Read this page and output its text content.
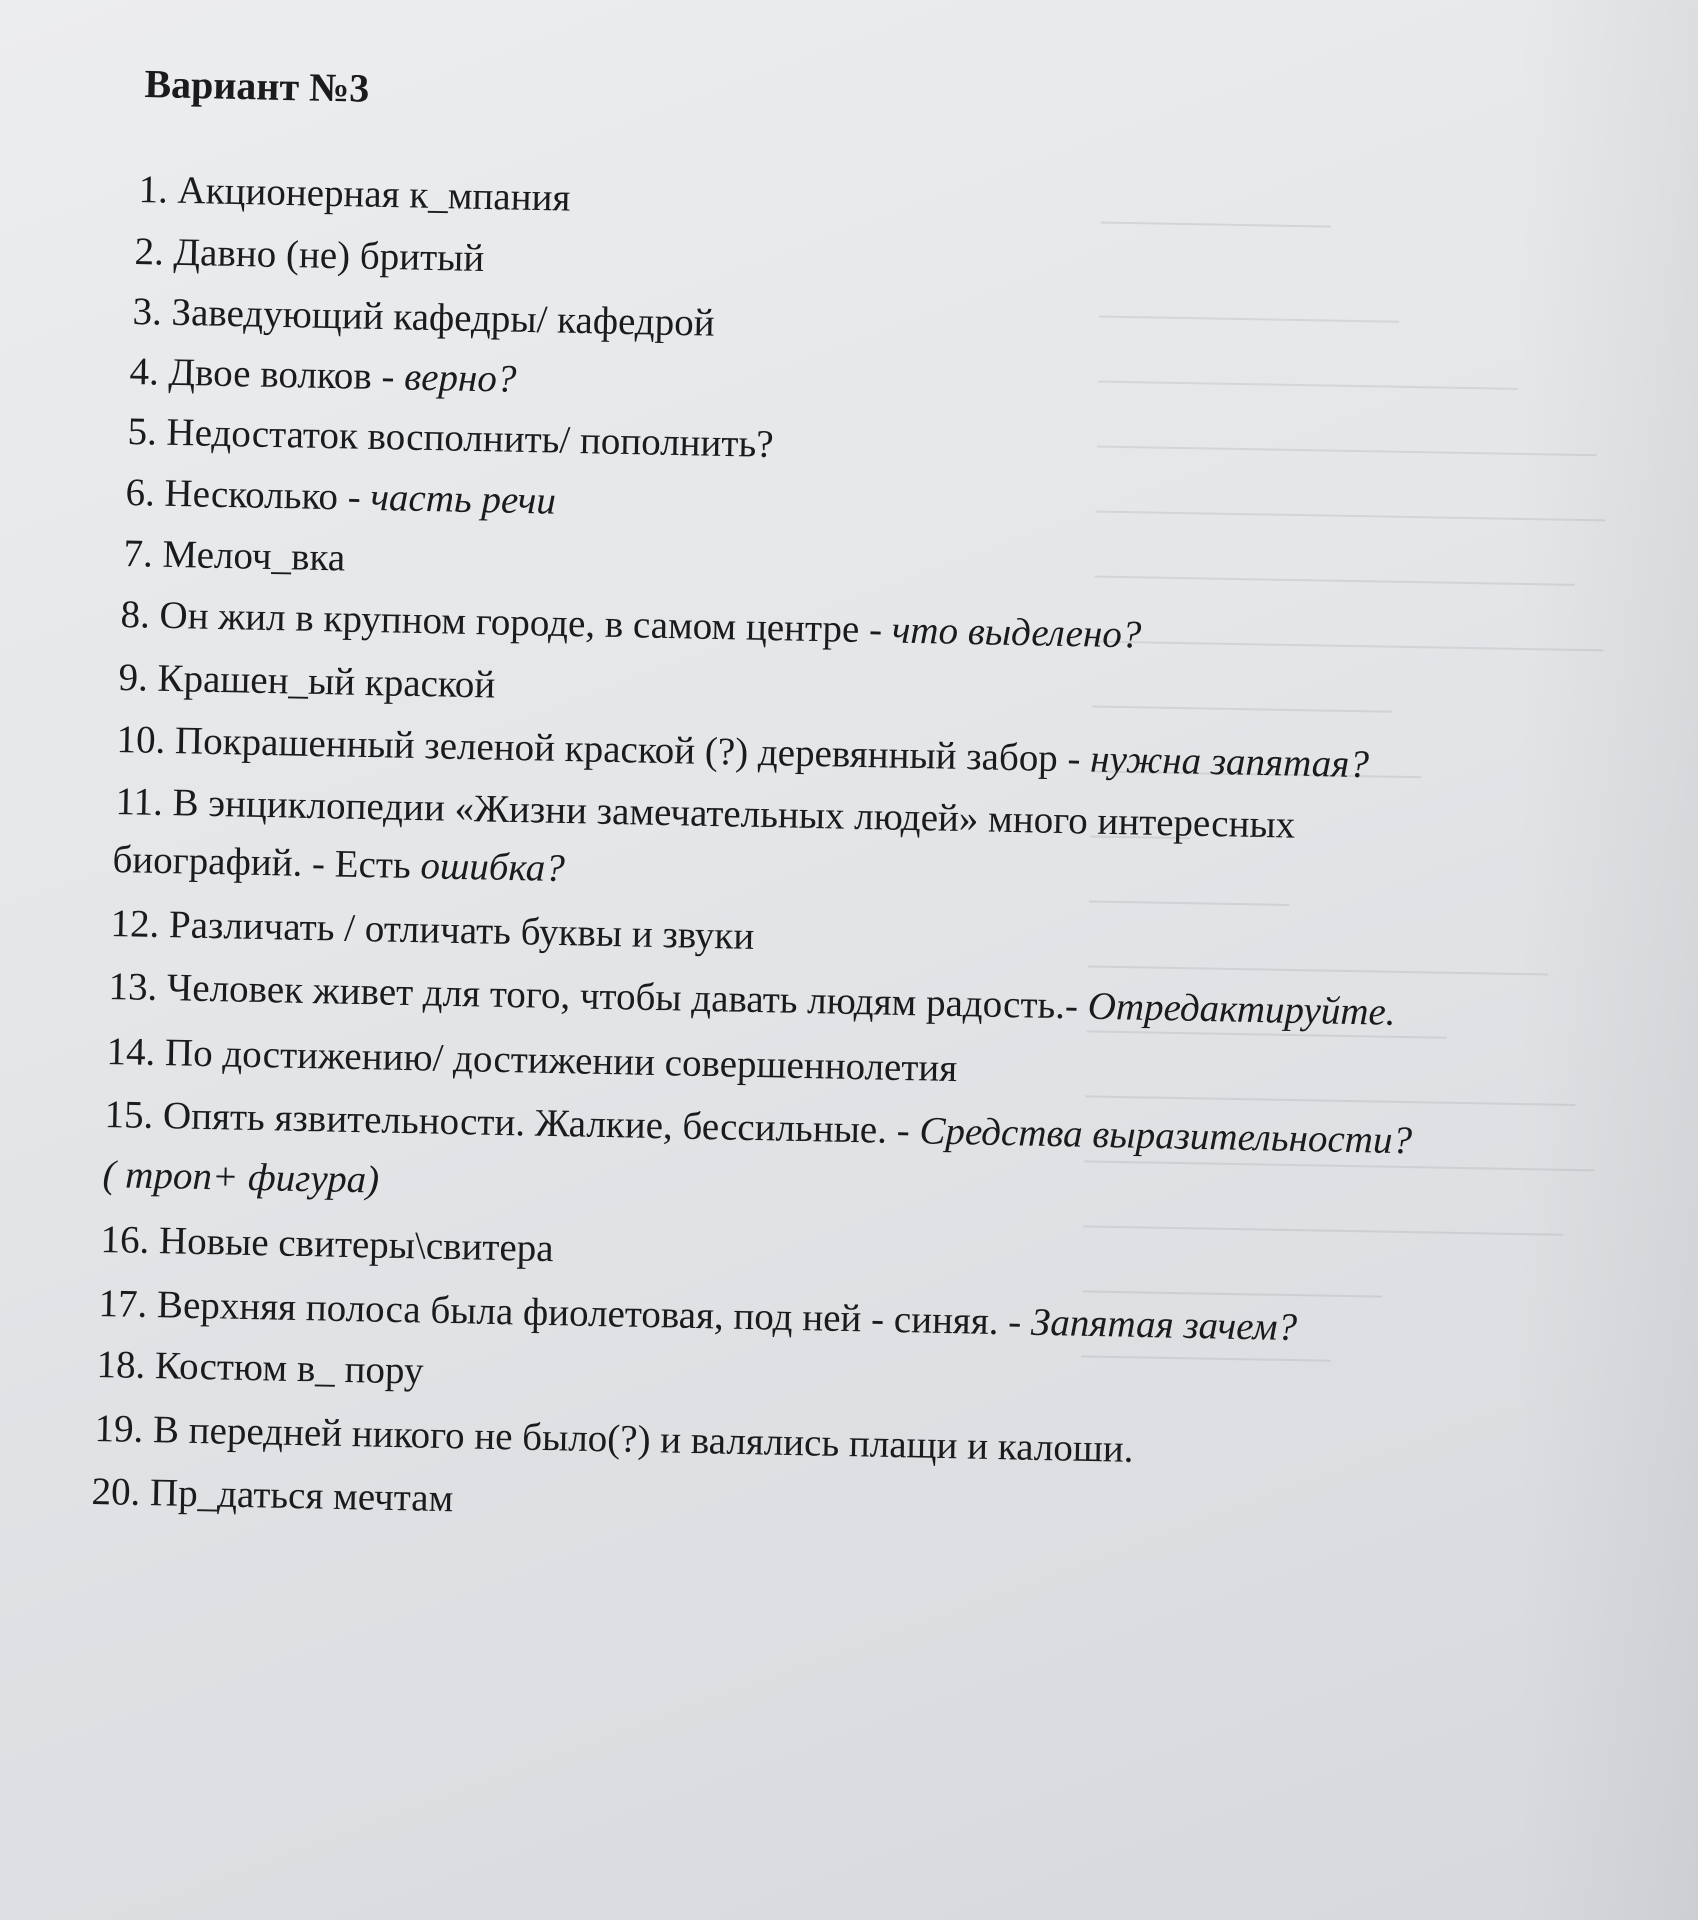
Вариант №3
1. Акционерная к_мпания
2. Давно (не) бритый
3. Заведующий кафедры/ кафедрой
4. Двое волков - верно?
5. Недостаток восполнить/ пополнить?
6. Несколько - часть речи
7. Мелоч_вка
8. Он жил в крупном городе, в самом центре - что выделено?
9. Крашен_ый краской
10. Покрашенный зеленой краской (?) деревянный забор - нужна запятая?
11. В энциклопедии «Жизни замечательных людей» много интересных
биографий. - Есть ошибка?
12. Различать / отличать буквы и звуки
13. Человек живет для того, чтобы давать людям радость.- Отредактируйте.
14. По достижению/ достижении совершеннолетия
15. Опять язвительности. Жалкие, бессильные. - Средства выразительности?
( троп+ фигура)
16. Новые свитеры\свитера
17. Верхняя полоса была фиолетовая, под ней - синяя. - Запятая зачем?
18. Костюм в_ пору
19. В передней никого не было(?) и валялись плащи и калоши.
20. Пр_даться мечтам
